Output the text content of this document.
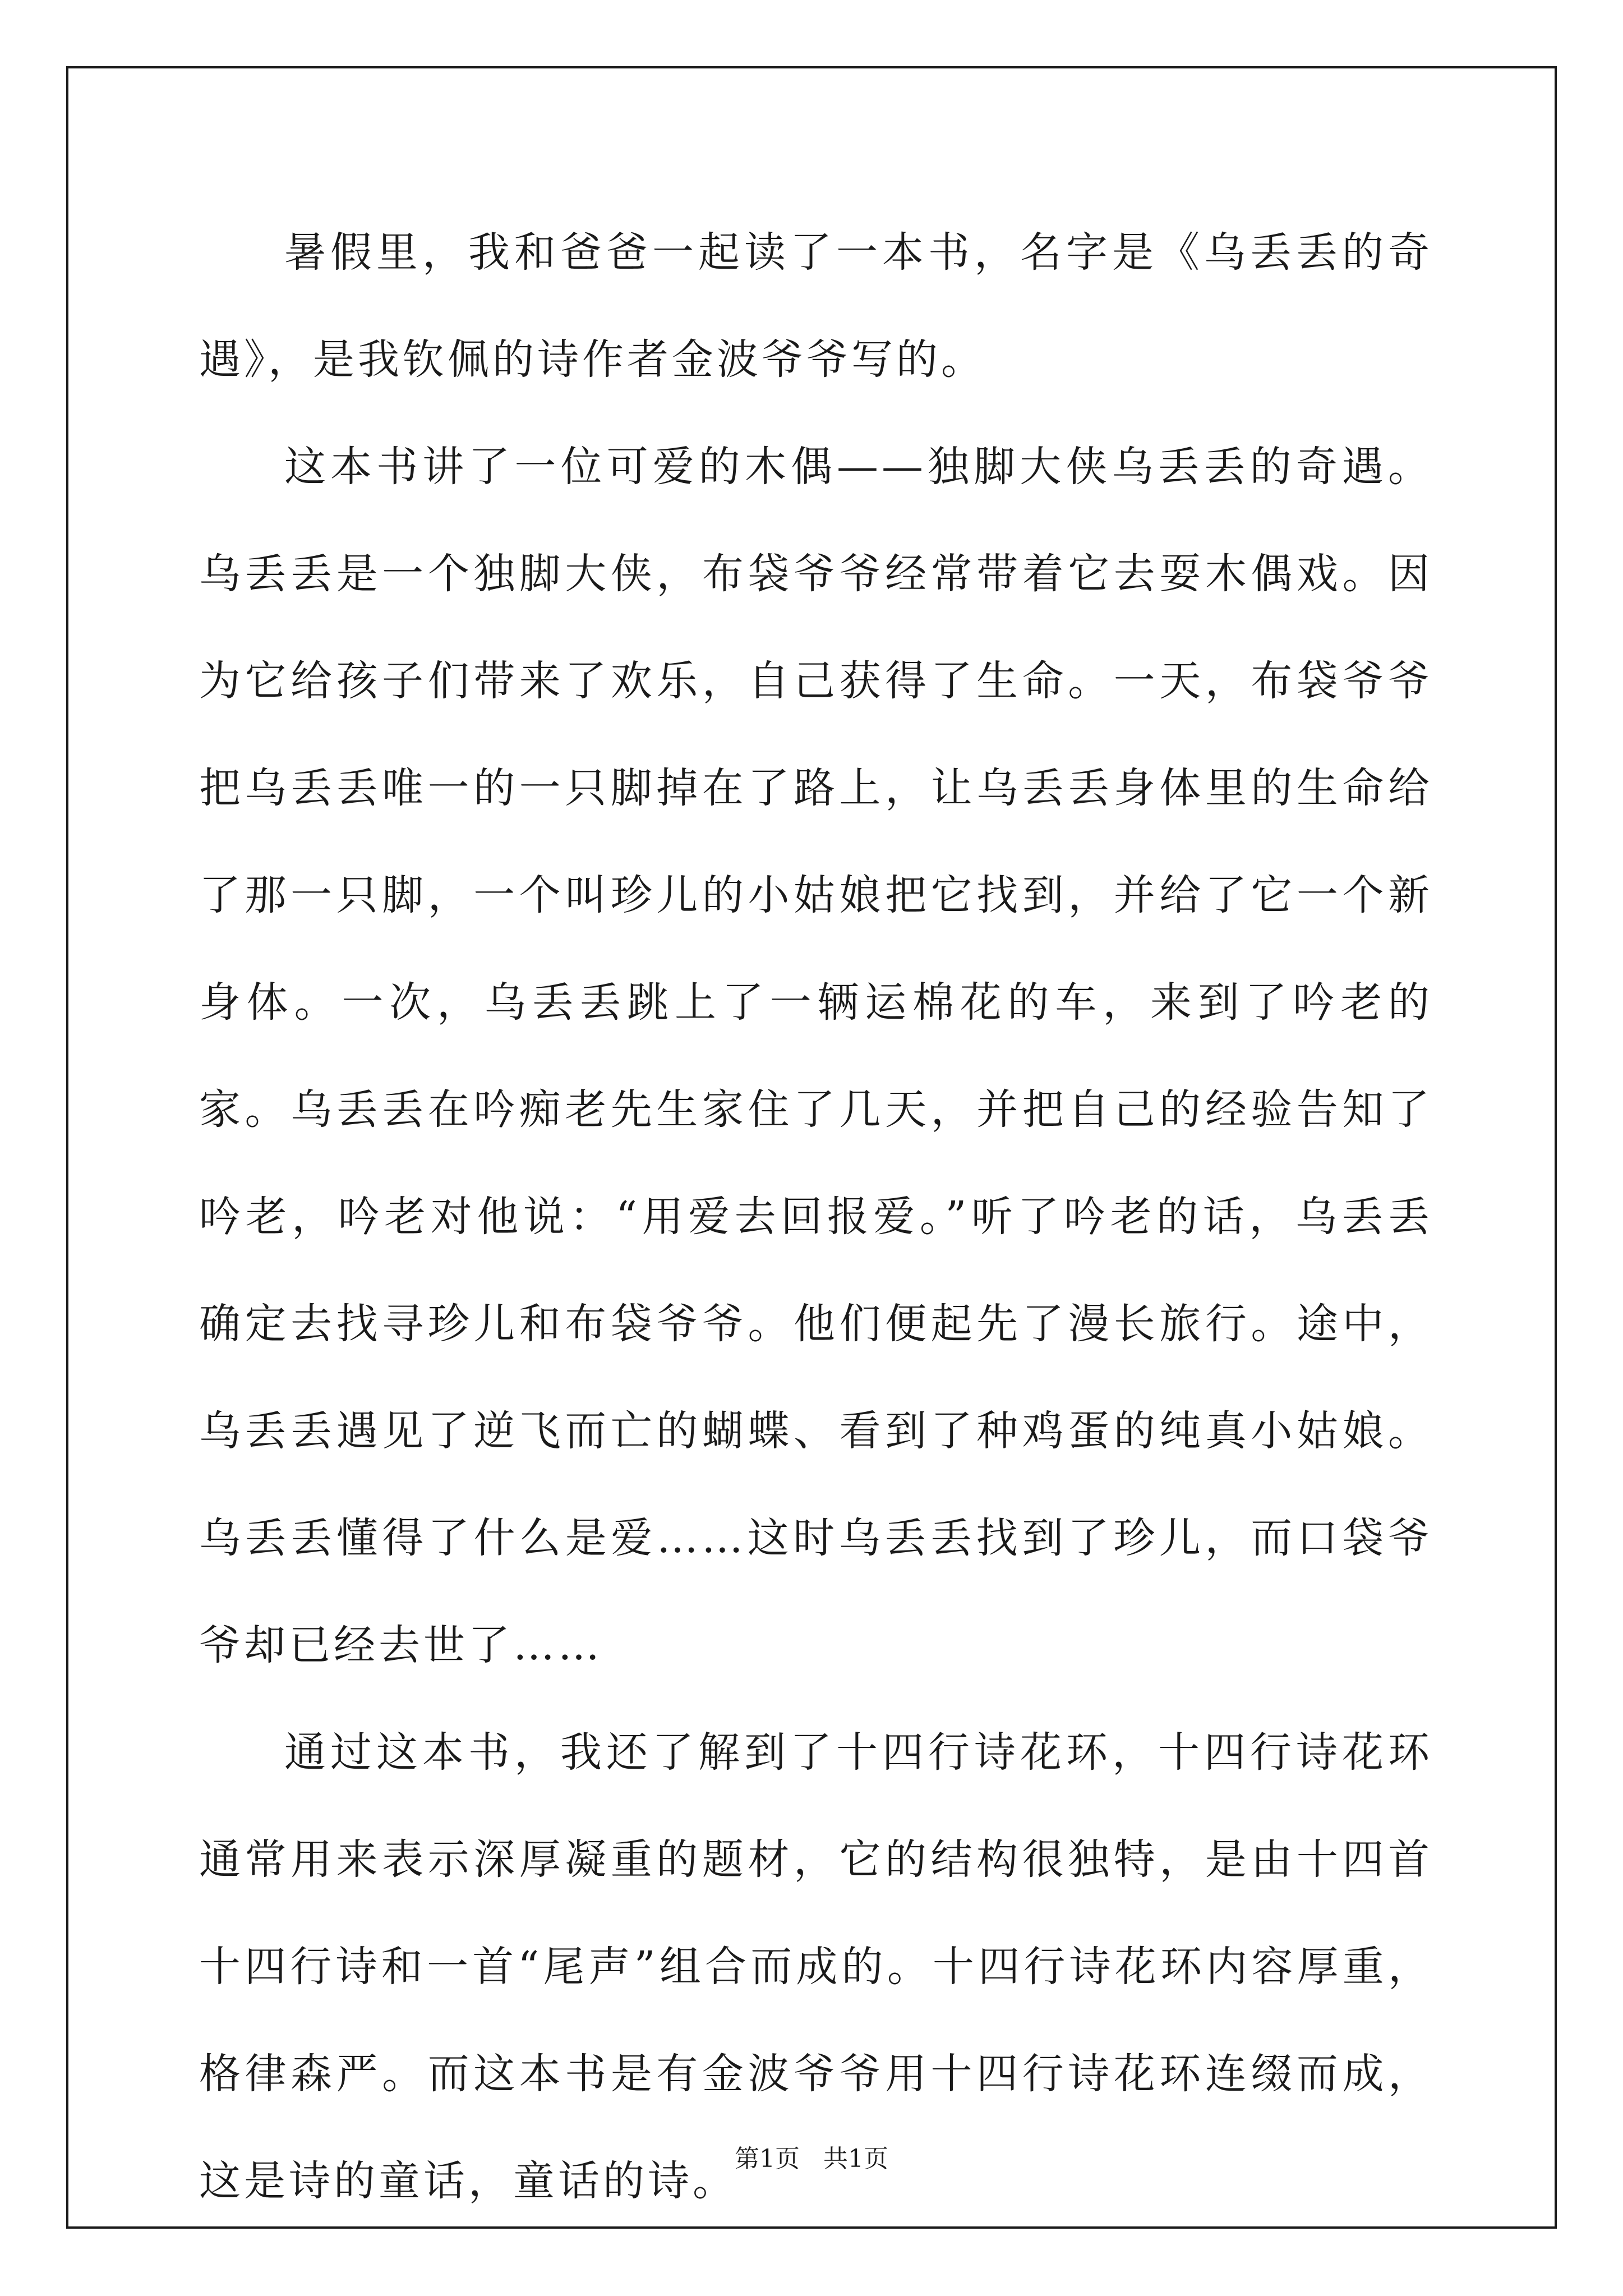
暑假里，我和爸爸一起读了一本书，名字是《乌丢丢的奇遇》，是我钦佩的诗作者金波爷爷写的。

这本书讲了一位可爱的木偶——独脚大侠乌丢丢的奇遇。乌丢丢是一个独脚大侠，布袋爷爷经常带着它去耍木偶戏。因为它给孩子们带来了欢乐，自己获得了生命。一天，布袋爷爷把乌丢丢唯一的一只脚掉在了路上，让乌丢丢身体里的生命给了那一只脚，一个叫珍儿的小姑娘把它找到，并给了它一个新身体。一次，乌丢丢跳上了一辆运棉花的车，来到了吟老的家。乌丢丢在吟痴老先生家住了几天，并把自己的经验告知了吟老，吟老对他说：“用爱去回报爱。”听了吟老的话，乌丢丢确定去找寻珍儿和布袋爷爷。他们便起先了漫长旅行。途中，乌丢丢遇见了逆飞而亡的蝴蝶、看到了种鸡蛋的纯真小姑娘。乌丢丢懂得了什么是爱……这时乌丢丢找到了珍儿，而口袋爷爷却已经去世了……

通过这本书，我还了解到了十四行诗花环，十四行诗花环通常用来表示深厚凝重的题材，它的结构很独特，是由十四首十四行诗和一首“尾声”组合而成的。十四行诗花环内容厚重，格律森严。而这本书是有金波爷爷用十四行诗花环连缀而成，这是诗的童话，童话的诗。

第1页   共1页
